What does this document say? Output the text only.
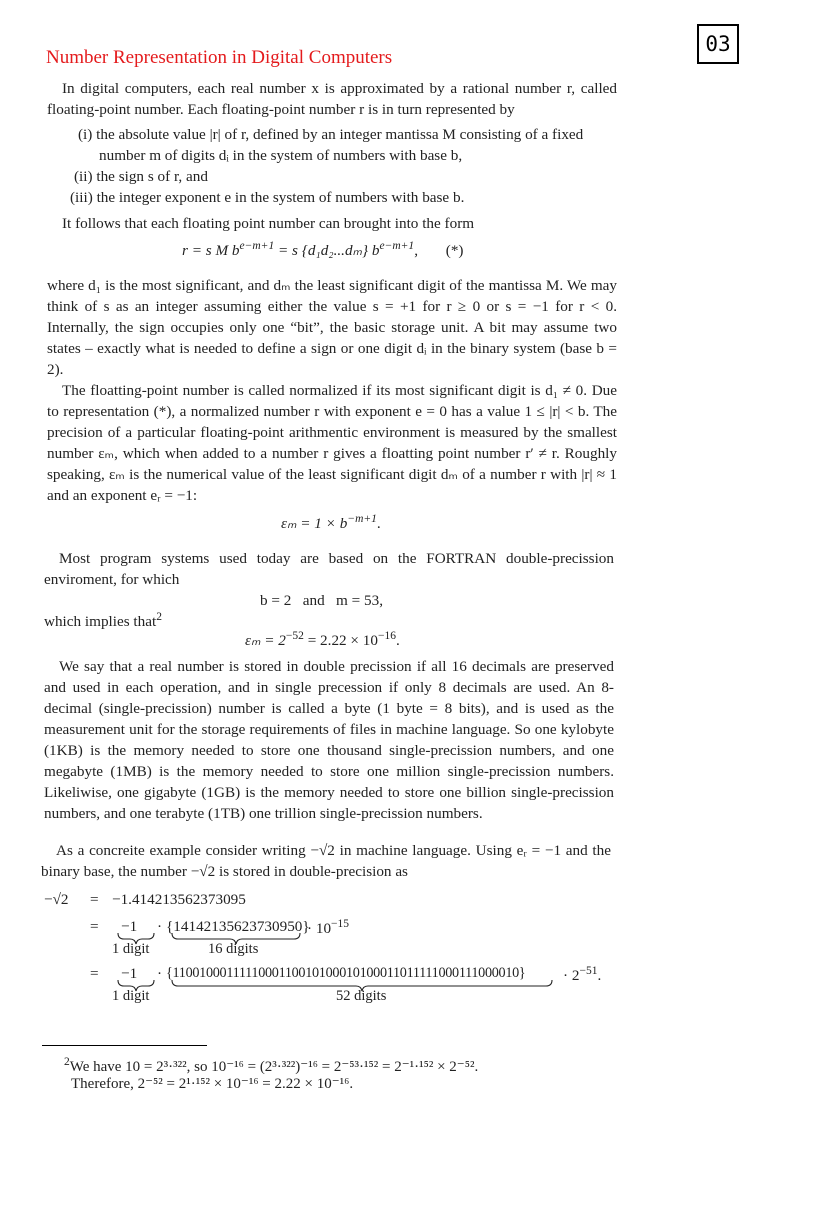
03
Number Representation in Digital Computers

In digital computers, each real number x is approximated by a rational number r, called floating-point number. Each floating-point number r is in turn represented by

(i) the absolute value |r| of r, defined by an integer mantissa M consisting of a fixed
number m of digits dᵢ in the system of numbers with base b,
(ii) the sign s of r, and
(iii) the integer exponent e in the system of numbers with base b.

It follows that each floating point number can brought into the form

r = s M $b^{e-m+1} = s$ {d₁d₂...dₘ} $b^{e-m+1}$, (*)

where d₁ is the most significant, and dₘ the least significant digit of the mantissa M. We may think of s as an integer assuming either the value s = +1 for r ≥ 0 or s = −1 for r < 0. Internally, the sign occupies only one “bit”, the basic storage unit. A bit may assume two states – exactly what is needed to define a sign or one digit dᵢ in the binary system (base b = 2).

The floatting-point number is called normalized if its most significant digit is d₁ ≠ 0. Due to representation (*), a normalized number r with exponent e = 0 has a value 1 ≤ |r| < b. The precision of a particular floating-point arithmentic environment is measured by the smallest number εₘ, which when added to a number r gives a floatting point number r′ ≠ r. Roughly speaking, εₘ is the numerical value of the least significant digit dₘ of a number r with |r| ≈ 1 and an exponent eᵣ = −1:

$\varepsilon_m = 1 \times b^{-m+1}$.

Most program systems used today are based on the FORTRAN double-precission enviroment, for which

b = 2   and   m = 53,
which implies that$^2$
$\varepsilon_m = 2^{-52} = 2.22 \times 10^{-16}$.

We say that a real number is stored in double precission if all 16 decimals are preserved and used in each operation, and in single precession if only 8 decimals are used. An 8-decimal (single-precission) number is called a byte (1 byte = 8 bits), and is used as the measurement unit for the storage requirements of files in machine language. So one kylobyte (1KB) is the memory needed to store one thousand single-precission numbers, and one megabyte (1MB) is the memory needed to store one million single-precission numbers. Likeliwise, one gigabyte (1GB) is the memory needed to store one billion single-precission numbers, and one terabyte (1TB) one trillion single-precission numbers.

As a concreite example consider writing −√2 in machine language. Using eᵣ = −1 and the binary base, the number −√2 is stored in double-precision as

−√2 = −1.414213562373095
= −1 · {14142135623730950}
· $10^{-15}$
1 digit	16 digits
= $-1 \cdot \{1100100011111000110010100010100011011111000111000010\} \cdot 2^{-51}$.
1 digit	52 digits

$^2$We have 10 = 2³·³²², so 10⁻¹⁶ = (2³·³²²)⁻¹⁶ = 2⁻⁵³·¹⁵² = 2⁻¹·¹⁵² × 2⁻⁵².

Therefore, 2⁻⁵² = 2¹·¹⁵² × 10⁻¹⁶ = 2.22 × 10⁻¹⁶.
